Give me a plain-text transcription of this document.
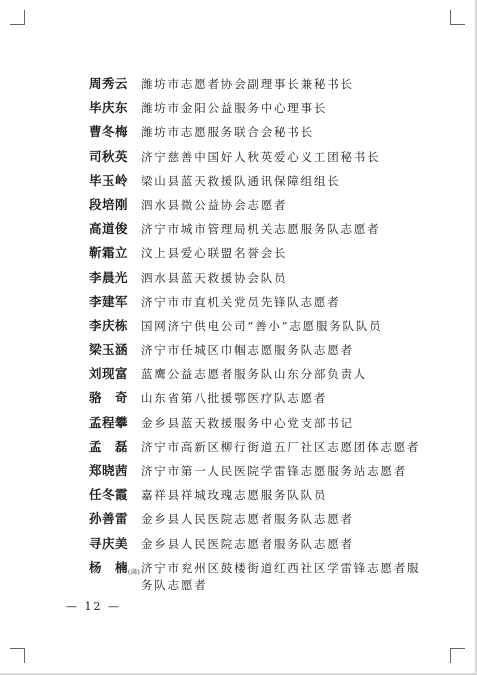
周秀云	潍坊市志愿者协会副理事长兼秘书长
毕庆东	潍坊市金阳公益服务中心理事长
曹冬梅	潍坊市志愿服务联合会秘书长
司秋英	济宁慈善中国好人秋英爱心义工团秘书长
毕玉岭	梁山县蓝天救援队通讯保障组组长
段培刚	泗水县微公益协会志愿者
高道俊	济宁市城市管理局机关志愿服务队志愿者
靳霜立	汶上县爱心联盟名誉会长
李晨光	泗水县蓝天救援协会队员
李建军	济宁市市直机关党员先锋队志愿者
李庆栋	国网济宁供电公司“善小”志愿服务队队员
梁玉涵	济宁市任城区巾帼志愿服务队志愿者
刘现富	蓝鹰公益志愿者服务队山东分部负责人
骆　奇	山东省第八批援鄂医疗队志愿者
孟程攀	金乡县蓝天救援服务中心党支部书记
孟　磊	济宁市高新区柳行街道五厂社区志愿团体志愿者
郑晓茜	济宁市第一人民医院学雷锋志愿服务站志愿者
任冬霞	嘉祥县祥城玫瑰志愿服务队队员
孙善雷	金乡县人民医院志愿者服务队志愿者
寻庆美	金乡县人民医院志愿者服务队志愿者
杨　楠(满) 济宁市兖州区鼓楼街道红西社区学雷锋志愿者服务队志愿者
— 12 —
